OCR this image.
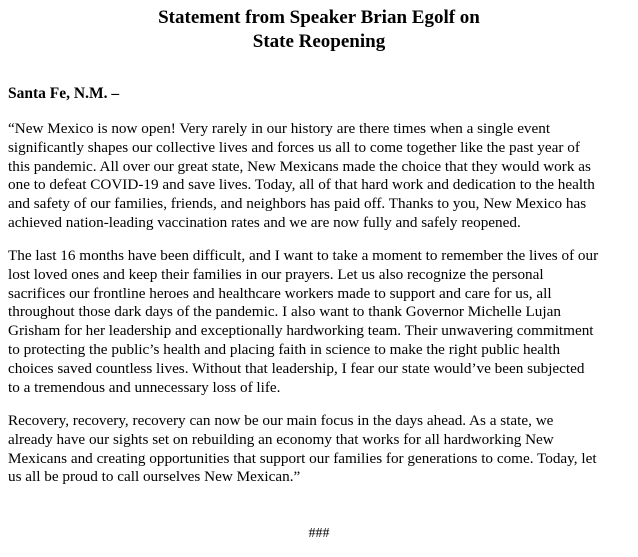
Statement from Speaker Brian Egolf on
State Reopening

Santa Fe, N.M. –

“New Mexico is now open! Very rarely in our history are there times when a single event
significantly shapes our collective lives and forces us all to come together like the past year of
this pandemic. All over our great state, New Mexicans made the choice that they would work as
one to defeat COVID-19 and save lives. Today, all of that hard work and dedication to the health
and safety of our families, friends, and neighbors has paid off. Thanks to you, New Mexico has
achieved nation-leading vaccination rates and we are now fully and safely reopened.

The last 16 months have been difficult, and I want to take a moment to remember the lives of our
lost loved ones and keep their families in our prayers. Let us also recognize the personal
sacrifices our frontline heroes and healthcare workers made to support and care for us, all
throughout those dark days of the pandemic. I also want to thank Governor Michelle Lujan
Grisham for her leadership and exceptionally hardworking team. Their unwavering commitment
to protecting the public’s health and placing faith in science to make the right public health
choices saved countless lives. Without that leadership, I fear our state would’ve been subjected
to a tremendous and unnecessary loss of life.

Recovery, recovery, recovery can now be our main focus in the days ahead. As a state, we
already have our sights set on rebuilding an economy that works for all hardworking New
Mexicans and creating opportunities that support our families for generations to come. Today, let
us all be proud to call ourselves New Mexican.”

###
